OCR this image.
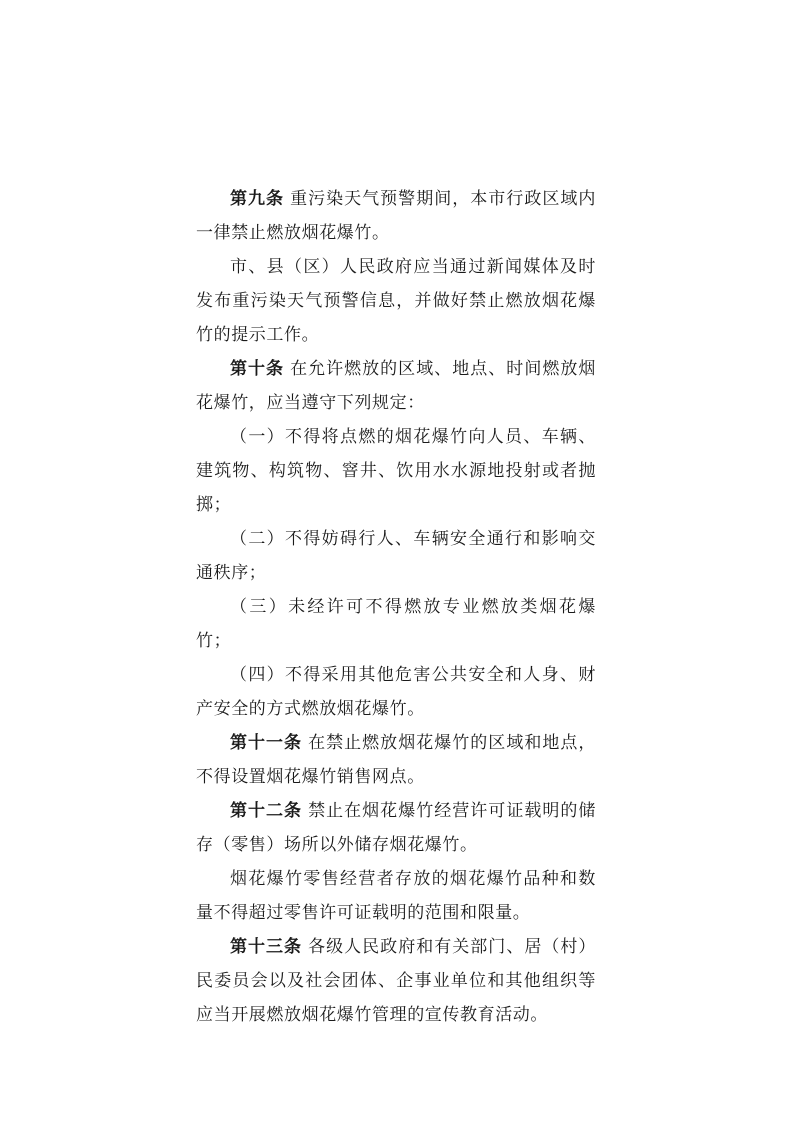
第九条 重污染天气预警期间，本市行政区域内一律禁止燃放烟花爆竹。

市、县（区）人民政府应当通过新闻媒体及时发布重污染天气预警信息，并做好禁止燃放烟花爆竹的提示工作。

第十条 在允许燃放的区域、地点、时间燃放烟花爆竹，应当遵守下列规定：

（一）不得将点燃的烟花爆竹向人员、车辆、建筑物、构筑物、窨井、饮用水水源地投射或者抛掷；

（二）不得妨碍行人、车辆安全通行和影响交通秩序；

（三）未经许可不得燃放专业燃放类烟花爆竹；

（四）不得采用其他危害公共安全和人身、财产安全的方式燃放烟花爆竹。

第十一条 在禁止燃放烟花爆竹的区域和地点，不得设置烟花爆竹销售网点。

第十二条 禁止在烟花爆竹经营许可证载明的储存（零售）场所以外储存烟花爆竹。

烟花爆竹零售经营者存放的烟花爆竹品种和数量不得超过零售许可证载明的范围和限量。

第十三条 各级人民政府和有关部门、居（村）民委员会以及社会团体、企事业单位和其他组织等应当开展燃放烟花爆竹管理的宣传教育活动。
